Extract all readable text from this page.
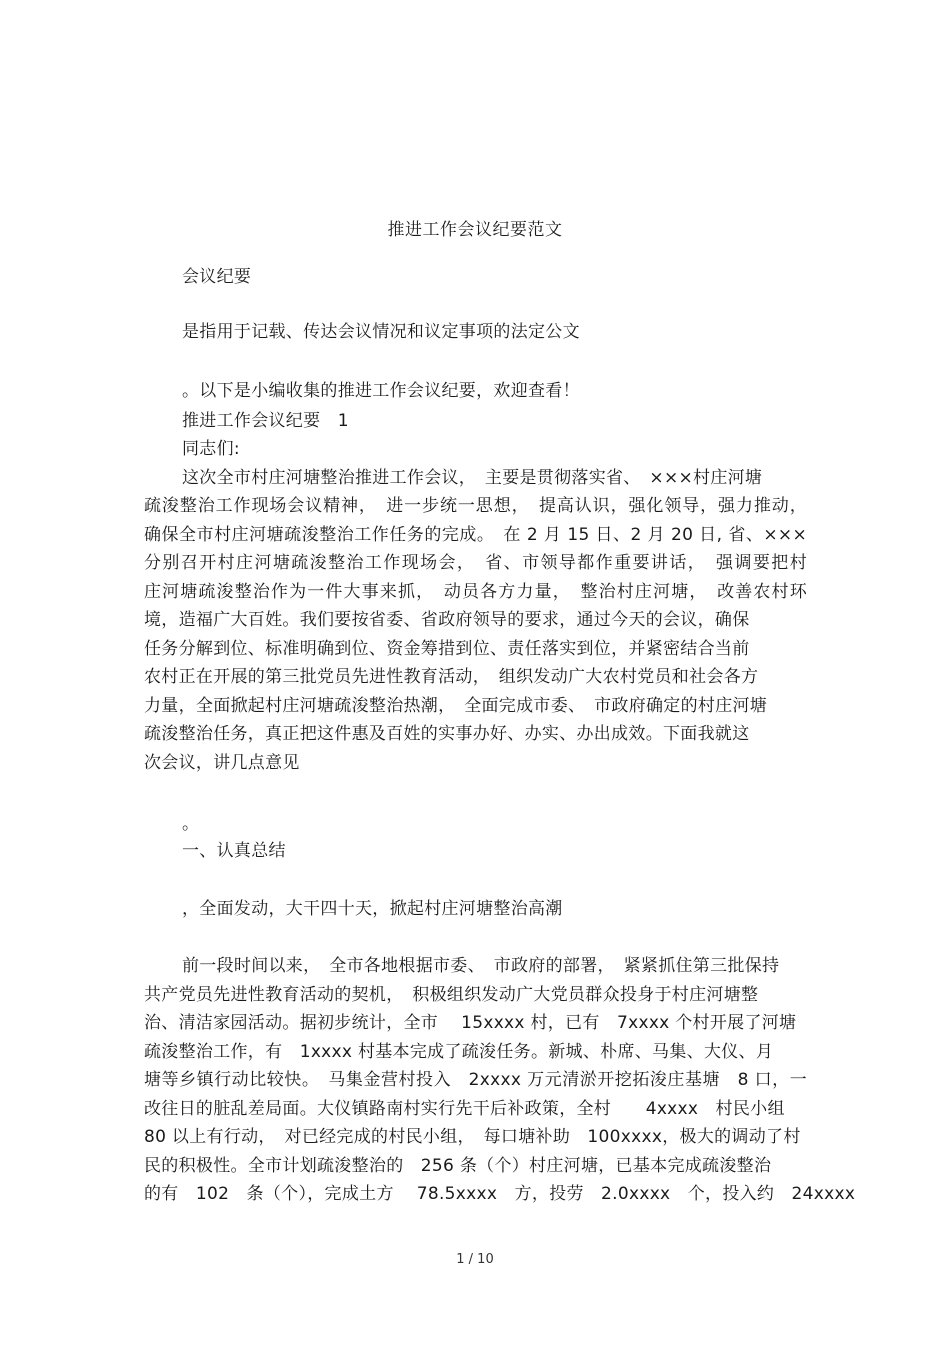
推进工作会议纪要范文
会议纪要
是指用于记载、传达会议情况和议定事项的法定公文
。以下是小编收集的推进工作会议纪要，欢迎查看！
推进工作会议纪要　1
同志们:
这次全市村庄河塘整治推进工作会议，　主要是贯彻落实省、　×××村庄河塘
疏浚整治工作现场会议精神，　进一步统一思想，　提高认识，强化领导，强力推动，
确保全市村庄河塘疏浚整治工作任务的完成。　在 2 月 15 日、2 月 20 日, 省、×××
分别召开村庄河塘疏浚整治工作现场会，　省、市领导都作重要讲话，　强调要把村
庄河塘疏浚整治作为一件大事来抓，　动员各方力量，　整治村庄河塘，　改善农村环
境，造福广大百姓。我们要按省委、省政府领导的要求，通过今天的会议，确保
任务分解到位、标准明确到位、资金筹措到位、责任落实到位，并紧密结合当前
农村正在开展的第三批党员先进性教育活动，　组织发动广大农村党员和社会各方
力量，全面掀起村庄河塘疏浚整治热潮，　全面完成市委、　市政府确定的村庄河塘
疏浚整治任务，真正把这件惠及百姓的实事办好、办实、办出成效。下面我就这
次会议，讲几点意见
。
一、认真总结
，全面发动，大干四十天，掀起村庄河塘整治高潮
前一段时间以来，　全市各地根据市委、　市政府的部署，　紧紧抓住第三批保持
共产党员先进性教育活动的契机，　积极组织发动广大党员群众投身于村庄河塘整
治、清洁家园活动。据初步统计，全市　 15xxxx 村，已有　7xxxx 个村开展了河塘
疏浚整治工作，有　1xxxx 村基本完成了疏浚任务。新城、朴席、马集、大仪、月
塘等乡镇行动比较快。　马集金营村投入　2xxxx 万元清淤开挖拓浚庄基塘　8 口，一
改往日的脏乱差局面。大仪镇路南村实行先干后补政策，全村　　4xxxx　村民小组
80 以上有行动，　对已经完成的村民小组，　每口塘补助　100xxxx，极大的调动了村
民的积极性。全市计划疏浚整治的　256 条（个）村庄河塘，已基本完成疏浚整治
的有　102　条（个），完成土方　 78.5xxxx　方，投劳　2.0xxxx　个，投入约　24xxxx
1 / 10
